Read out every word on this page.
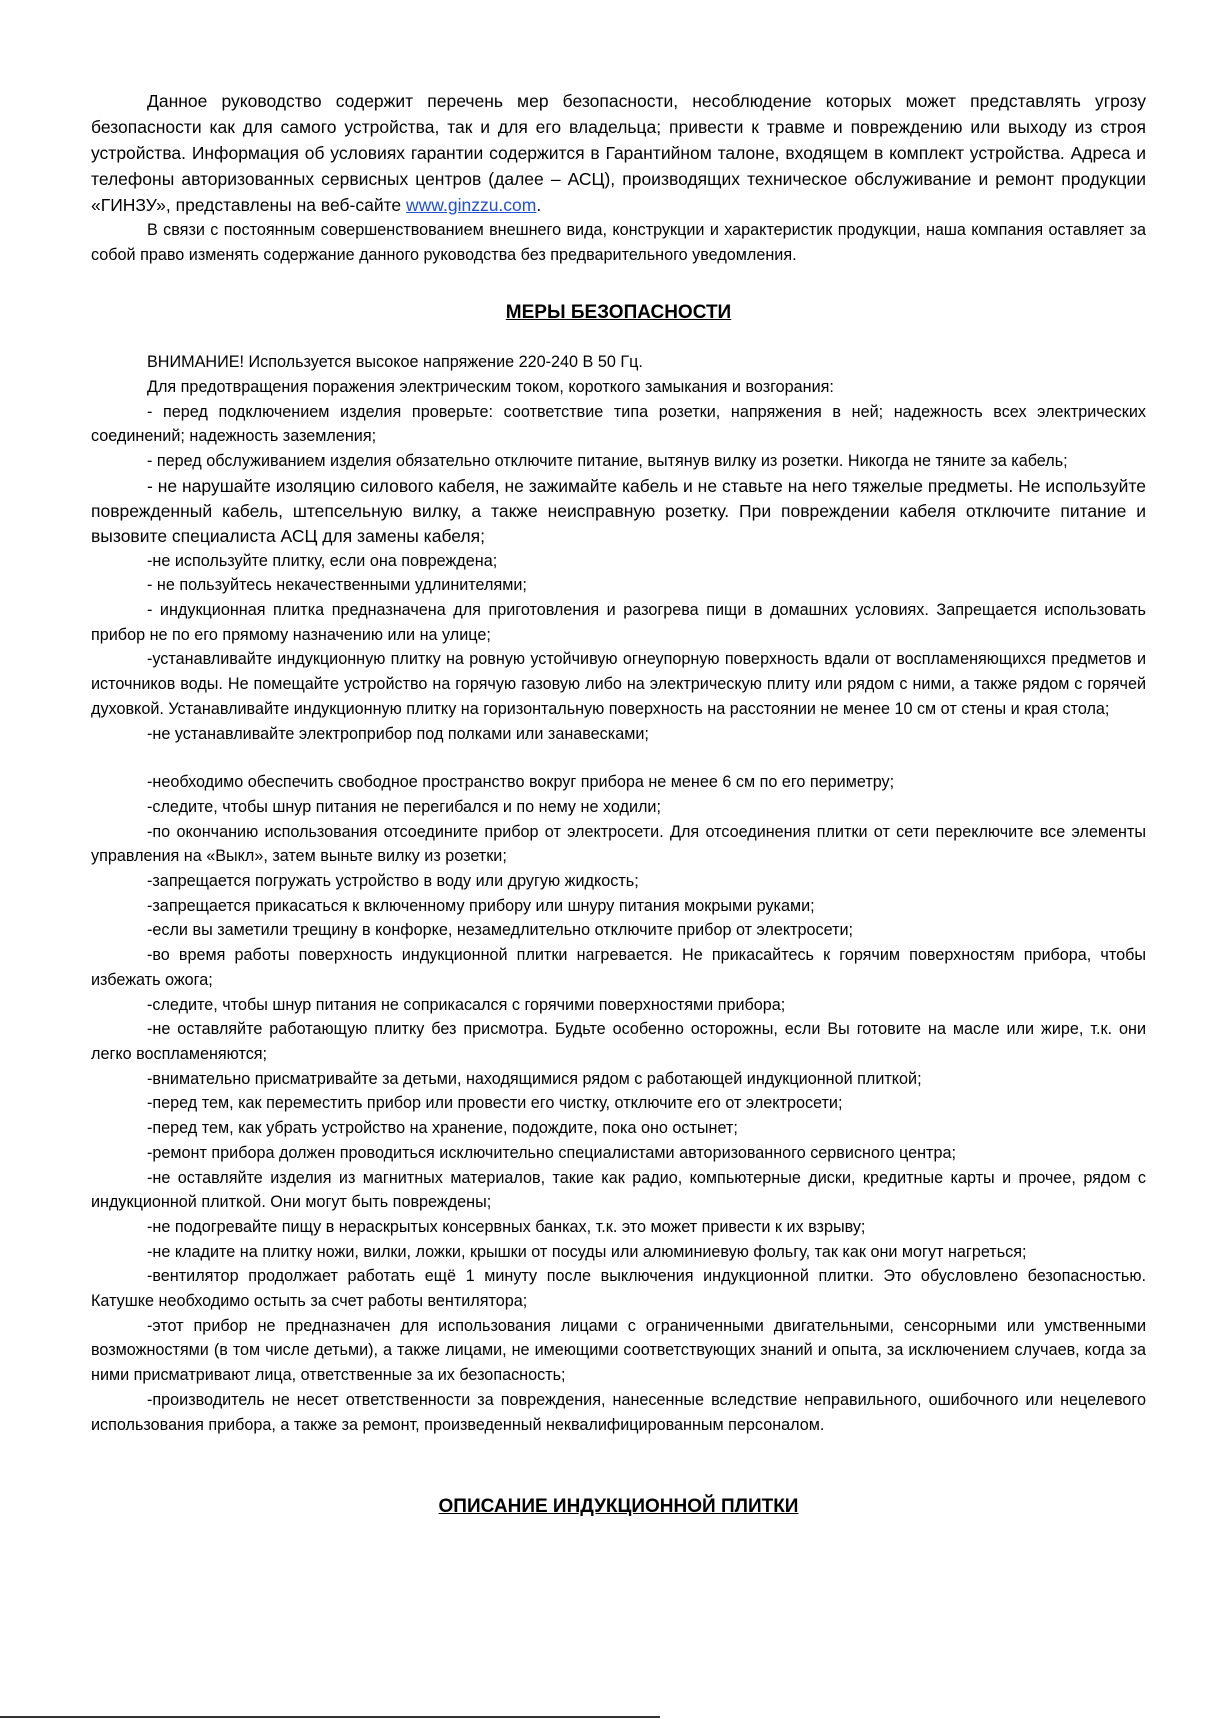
Данное руководство содержит перечень мер безопасности, несоблюдение которых может представлять угрозу безопасности как для самого устройства, так и для его владельца; привести к травме и повреждению или выходу из строя устройства. Информация об условиях гарантии содержится в Гарантийном талоне, входящем в комплект устройства. Адреса и телефоны авторизованных сервисных центров (далее – АСЦ), производящих техническое обслуживание и ремонт продукции «ГИНЗУ», представлены на веб-сайте www.ginzzu.com.

В связи с постоянным совершенствованием внешнего вида, конструкции и характеристик продукции, наша компания оставляет за собой право изменять содержание данного руководства без предварительного уведомления.

МЕРЫ БЕЗОПАСНОСТИ

ВНИМАНИЕ! Используется высокое напряжение 220-240 В 50 Гц.

Для предотвращения поражения электрическим током, короткого замыкания и возгорания:

- перед подключением изделия проверьте: соответствие типа розетки, напряжения в ней; надежность всех электрических соединений; надежность заземления;

- перед обслуживанием изделия обязательно отключите питание, вытянув вилку из розетки. Никогда не тяните за кабель;

- не нарушайте изоляцию силового кабеля, не зажимайте кабель и не ставьте на него тяжелые предметы. Не используйте поврежденный кабель, штепсельную вилку, а также неисправную розетку. При повреждении кабеля отключите питание и вызовите специалиста АСЦ для замены кабеля;

-не используйте плитку, если она повреждена;

- не пользуйтесь некачественными удлинителями;

- индукционная плитка предназначена для приготовления и разогрева пищи в домашних условиях. Запрещается использовать прибор не по его прямому назначению или на улице;

-устанавливайте индукционную плитку на ровную устойчивую огнеупорную поверхность вдали от воспламеняющихся предметов и источников воды. Не помещайте устройство на горячую газовую либо на электрическую плиту или рядом с ними, а также рядом с горячей духовкой. Устанавливайте индукционную плитку на горизонтальную поверхность на расстоянии не менее 10 см от стены и края стола;

-не устанавливайте электроприбор под полками или занавесками;

-необходимо обеспечить свободное пространство вокруг прибора не менее 6 см по его периметру;

-следите, чтобы шнур питания не перегибался и по нему не ходили;

-по окончанию использования отсоедините прибор от электросети. Для отсоединения плитки от сети переключите все элементы управления на «Выкл», затем выньте вилку из розетки;

-запрещается погружать устройство в воду или другую жидкость;

-запрещается прикасаться к включенному прибору или шнуру питания мокрыми руками;

-если вы заметили трещину в конфорке, незамедлительно отключите прибор от электросети;

-во время работы поверхность индукционной плитки нагревается. Не прикасайтесь к горячим поверхностям прибора, чтобы избежать ожога;

-следите, чтобы шнур питания не соприкасался с горячими поверхностями прибора;

-не оставляйте работающую плитку без присмотра. Будьте особенно осторожны, если Вы готовите на масле или жире, т.к. они легко воспламеняются;

-внимательно присматривайте за детьми, находящимися рядом с работающей индукционной плиткой;

-перед тем, как переместить прибор или провести его чистку, отключите его от электросети;

-перед тем, как убрать устройство на хранение, подождите, пока оно остынет;

-ремонт прибора должен проводиться исключительно специалистами авторизованного сервисного центра;

-не оставляйте изделия из магнитных материалов, такие как радио, компьютерные диски, кредитные карты и прочее, рядом с индукционной плиткой. Они могут быть повреждены;

-не подогревайте пищу в нераскрытых консервных банках, т.к. это может привести к их взрыву;

-не кладите на плитку ножи, вилки, ложки, крышки от посуды или алюминиевую фольгу, так как они могут нагреться;

-вентилятор продолжает работать ещё 1 минуту после выключения индукционной плитки. Это обусловлено безопасностью. Катушке необходимо остыть за счет работы вентилятора;

-этот прибор не предназначен для использования лицами с ограниченными двигательными, сенсорными или умственными возможностями (в том числе детьми), а также лицами, не имеющими соответствующих знаний и опыта, за исключением случаев, когда за ними присматривают лица, ответственные за их безопасность;

-производитель не несет ответственности за повреждения, нанесенные вследствие неправильного, ошибочного или нецелевого использования прибора, а также за ремонт, произведенный неквалифицированным персоналом.

ОПИСАНИЕ ИНДУКЦИОННОЙ ПЛИТКИ
